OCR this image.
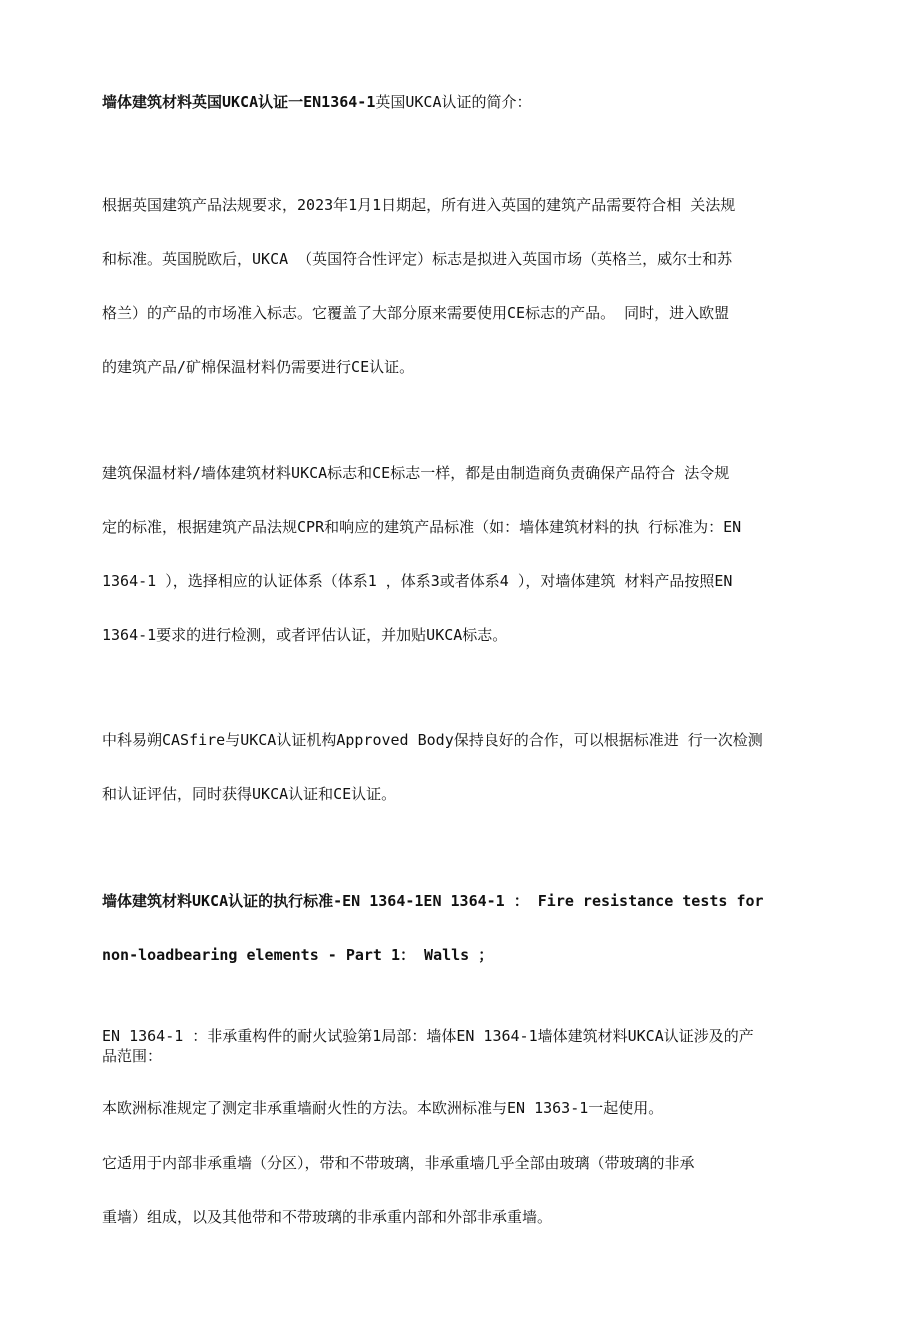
墙体建筑材料英国UKCA认证一EN1364-1英国UKCA认证的简介：

根据英国建筑产品法规要求，2023年1月1日期起，所有进入英国的建筑产品需要符合相 关法规
和标准。英国脱欧后，UKCA （英国符合性评定）标志是拟进入英国市场（英格兰，威尔士和苏
格兰）的产品的市场准入标志。它覆盖了大部分原来需要使用CE标志的产品。 同时，进入欧盟
的建筑产品/矿棉保温材料仍需要进行CE认证。
建筑保温材料/墙体建筑材料UKCA标志和CE标志一样，都是由制造商负责确保产品符合 法令规
定的标准，根据建筑产品法规CPR和响应的建筑产品标准（如：墙体建筑材料的执 行标准为：EN
1364-1 ），选择相应的认证体系（体系1 ，体系3或者体系4 ），对墙体建筑 材料产品按照EN
1364-1要求的进行检测，或者评估认证，并加贴UKCA标志。
中科易朔CASfire与UKCA认证机构Approved Body保持良好的合作，可以根据标准进 行一次检测
和认证评估，同时获得UKCA认证和CE认证。
墙体建筑材料UKCA认证的执行标准-EN 1364-1EN 1364-1 ： Fire resistance tests for
non-loadbearing elements - Part 1： Walls ；
EN 1364-1 ：非承重构件的耐火试验第1局部：墙体EN 1364-1墙体建筑材料UKCA认证涉及的产
品范围：
本欧洲标准规定了测定非承重墙耐火性的方法。本欧洲标准与EN 1363-1一起使用。
它适用于内部非承重墙（分区），带和不带玻璃，非承重墙几乎全部由玻璃（带玻璃的非承
重墙）组成，以及其他带和不带玻璃的非承重内部和外部非承重墙。
